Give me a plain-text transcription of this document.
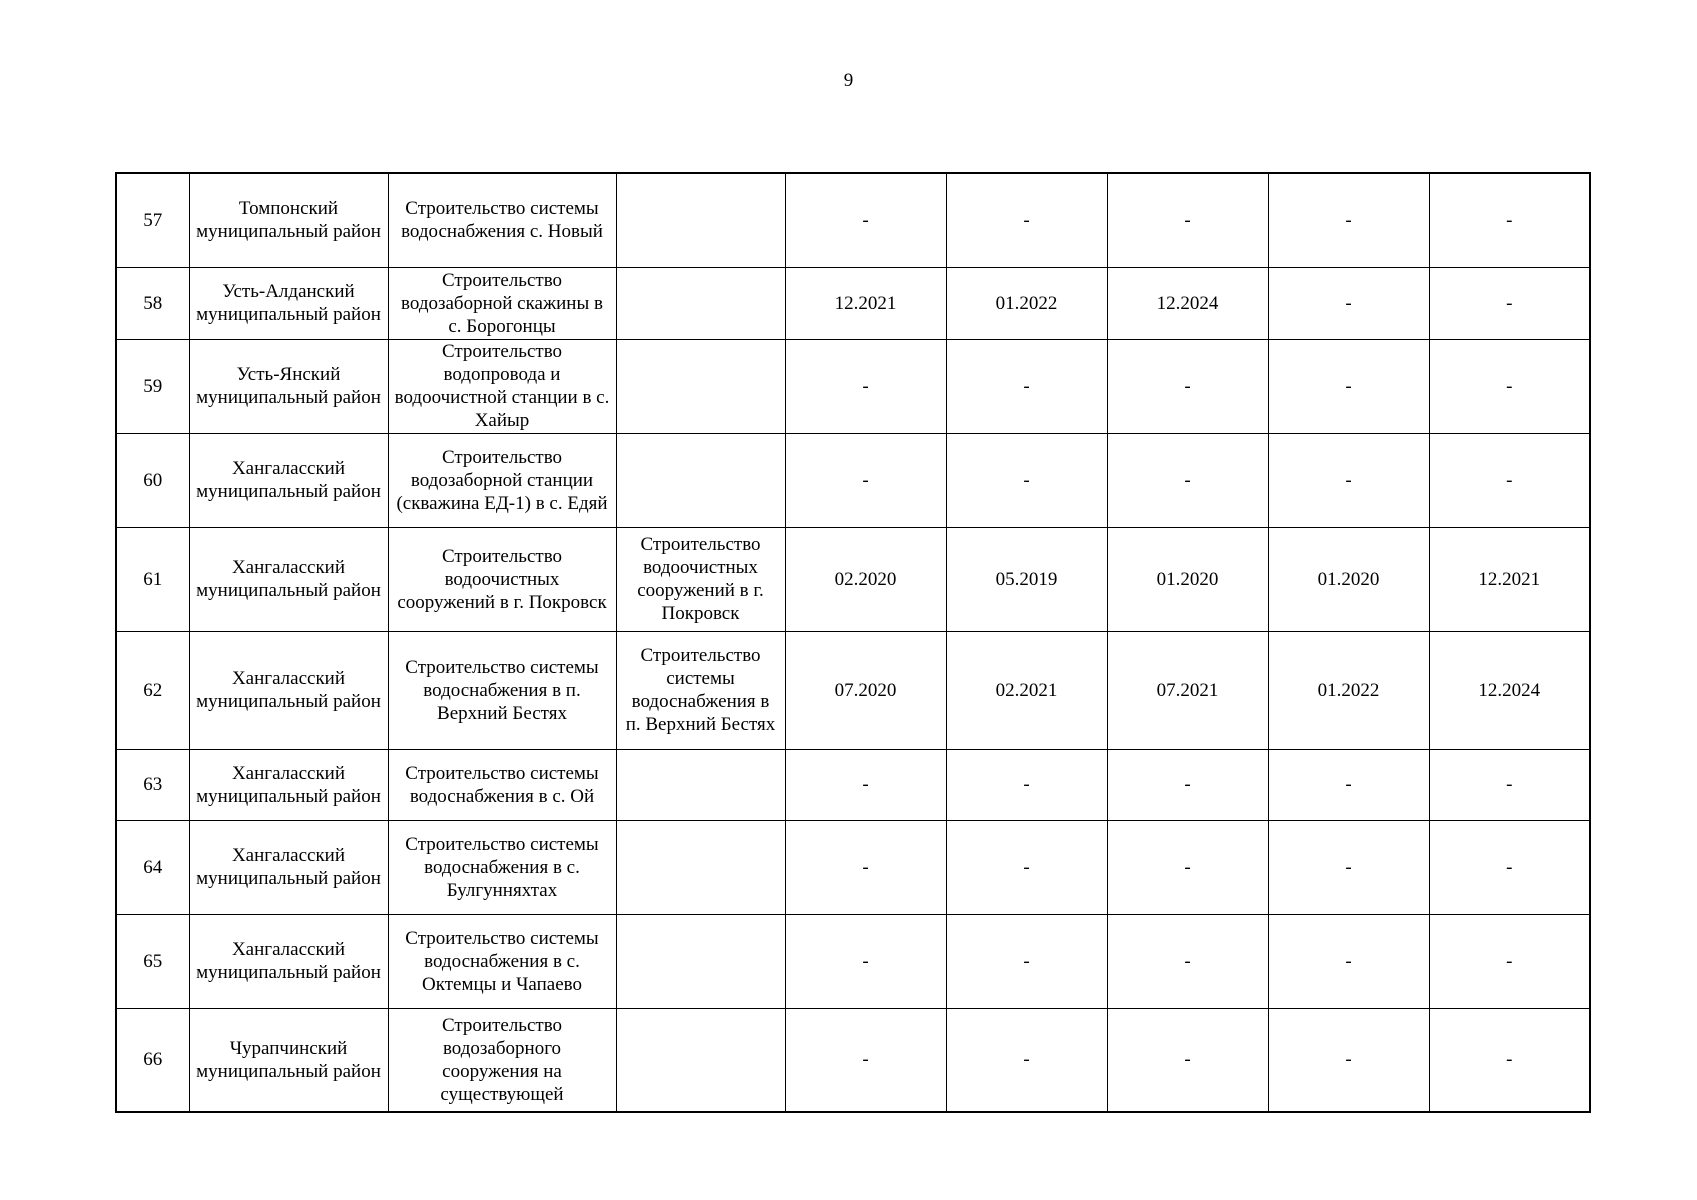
9
57	Томпонский муниципальный район	Строительство системы водоснабжения с. Новый		-	-	-	-	-
58	Усть-Алданский муниципальный район	Строительство водозаборной скажины в с. Борогонцы		12.2021	01.2022	12.2024	-	-
59	Усть-Янский муниципальный район	Строительство водопровода и водоочистной станции в с. Хайыр		-	-	-	-	-
60	Хангаласский муниципальный район	Строительство водозаборной станции (скважина ЕД-1) в с. Едяй		-	-	-	-	-
61	Хангаласский муниципальный район	Строительство водоочистных сооружений в г. Покровск	Строительство водоочистных сооружений в г. Покровск	02.2020	05.2019	01.2020	01.2020	12.2021
62	Хангаласский муниципальный район	Строительство системы водоснабжения в п. Верхний Бестях	Строительство системы водоснабжения в п. Верхний Бестях	07.2020	02.2021	07.2021	01.2022	12.2024
63	Хангаласский муниципальный район	Строительство системы водоснабжения в с. Ой		-	-	-	-	-
64	Хангаласский муниципальный район	Строительство системы водоснабжения в с. Булгунняхтах		-	-	-	-	-
65	Хангаласский муниципальный район	Строительство системы водоснабжения в с. Октемцы и Чапаево		-	-	-	-	-
66	Чурапчинский муниципальный район	Строительство водозаборного сооружения на существующей		-	-	-	-	-
